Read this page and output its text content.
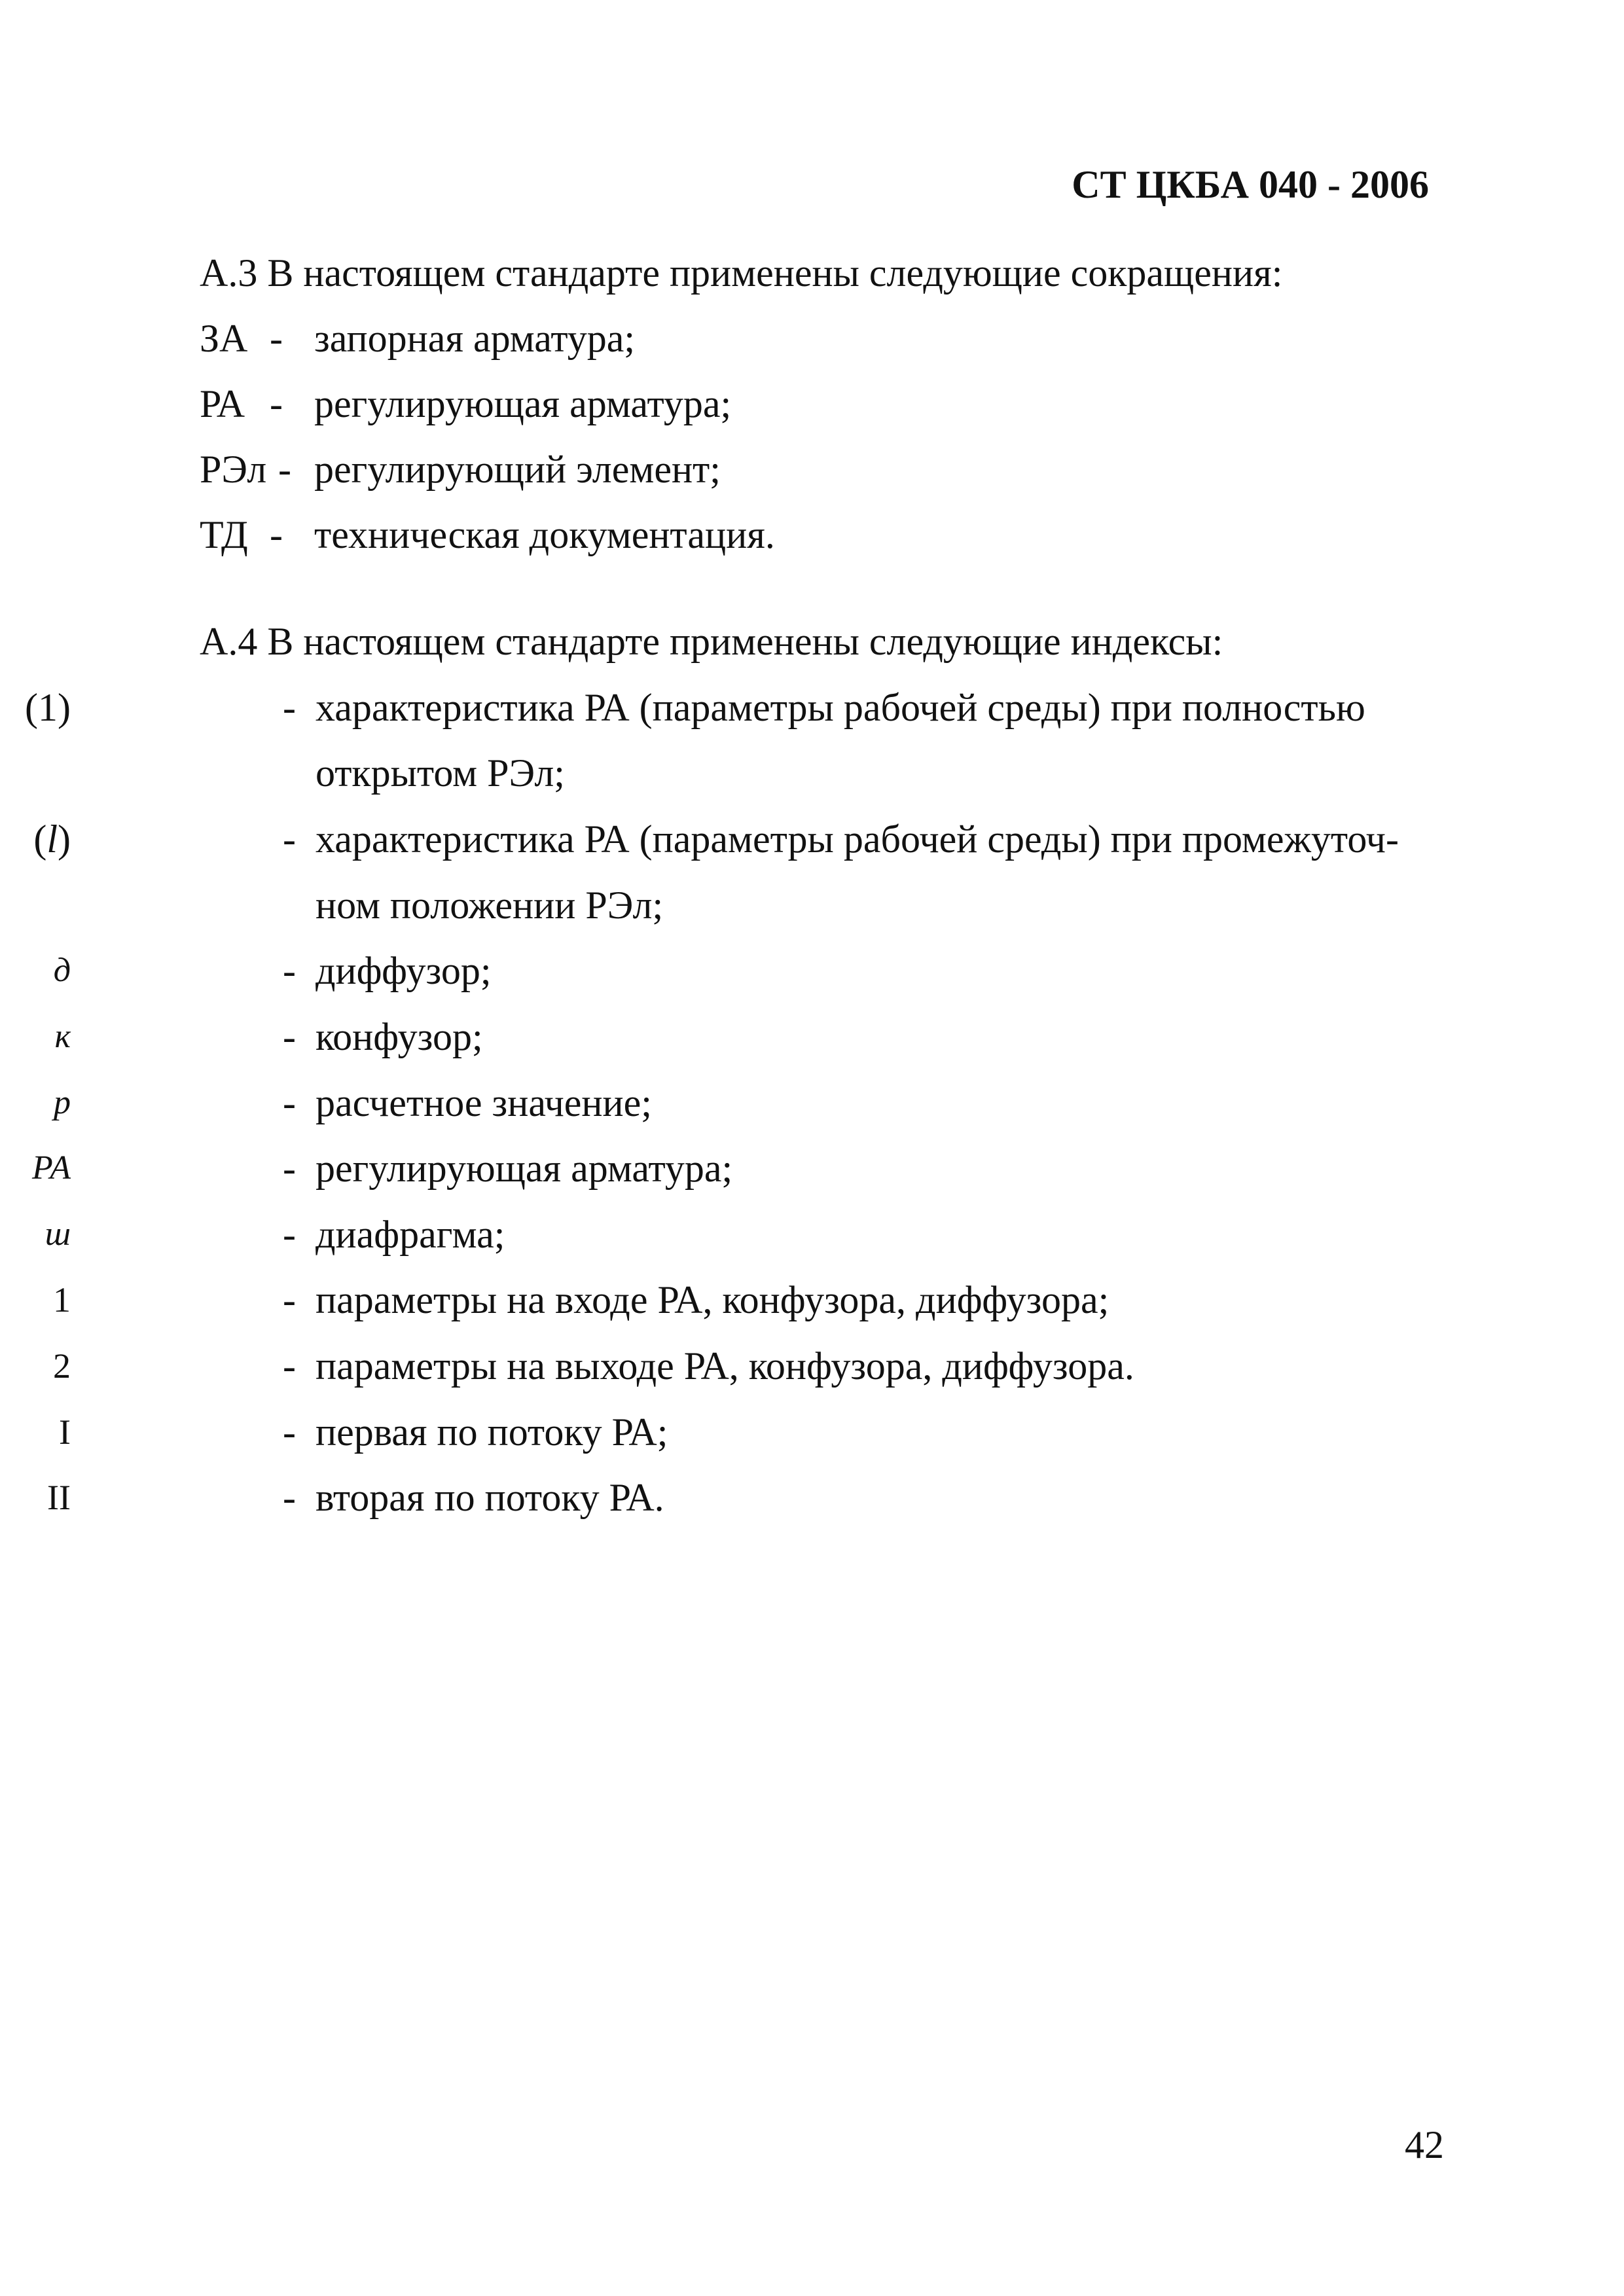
СТ ЦКБА 040 - 2006
А.3 В настоящем стандарте применены следующие сокращения:
ЗА - запорная арматура;
РА - регулирующая арматура;
РЭл - регулирующий элемент;
ТД - техническая документация.
А.4 В настоящем стандарте применены следующие индексы:
(1)	- характеристика РА (параметры рабочей среды) при полностью
открытом РЭл;
(l)	- характеристика РА (параметры рабочей среды) при промежуточ-
ном положении РЭл;
д	- диффузор;
к	- конфузор;
р	- расчетное значение;
РА	- регулирующая арматура;
ш	- диафрагма;
1	- параметры на входе РА, конфузора, диффузора;
2	- параметры на выходе РА, конфузора, диффузора.
I	- первая по потоку РА;
II	- вторая по потоку РА.
42
